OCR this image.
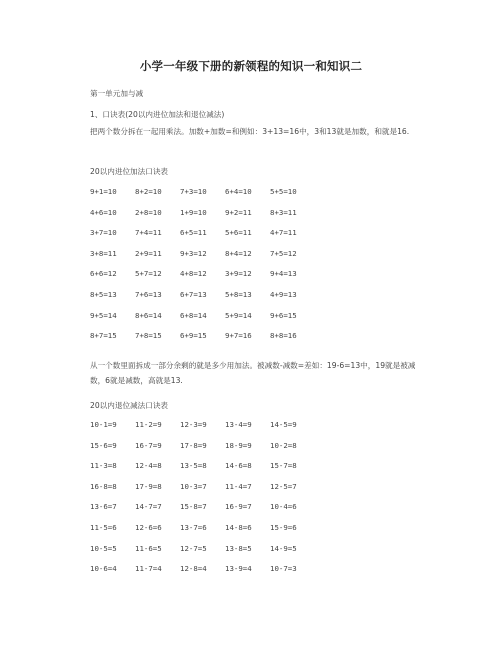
小学一年级下册的新领程的知识一和知识二
第一单元加与减
1、口诀表(20以内进位加法和退位减法)
把两个数分拆在一起用乘法。加数+加数=和例如：3+13=16中，3和13就是加数，和就是16.
20以内进位加法口诀表
9+1=10 8+2=10 7+3=10 6+4=10 5+5=10
4+6=10 2+8=10 1+9=10 9+2=11 8+3=11
3+7=10 7+4=11 6+5=11 5+6=11 4+7=11
3+8=11 2+9=11 9+3=12 8+4=12 7+5=12
6+6=12 5+7=12 4+8=12 3+9=12 9+4=13
8+5=13 7+6=13 6+7=13 5+8=13 4+9=13
9+5=14 8+6=14 6+8=14 5+9=14 9+6=15
8+7=15 7+8=15 6+9=15 9+7=16 8+8=16
从一个数里面拆成一部分余剩的就是多少用加法。被减数-减数=差如：19-6=13中，19就是被减数，6就是减数，高就是13.
20以内退位减法口诀表
10-1=9 11-2=9 12-3=9 13-4=9 14-5=9
15-6=9 16-7=9 17-8=9 18-9=9 10-2=8
11-3=8 12-4=8 13-5=8 14-6=8 15-7=8
16-8=8 17-9=8 10-3=7 11-4=7 12-5=7
13-6=7 14-7=7 15-8=7 16-9=7 10-4=6
11-5=6 12-6=6 13-7=6 14-8=6 15-9=6
10-5=5 11-6=5 12-7=5 13-8=5 14-9=5
10-6=4 11-7=4 12-8=4 13-9=4 10-7=3
